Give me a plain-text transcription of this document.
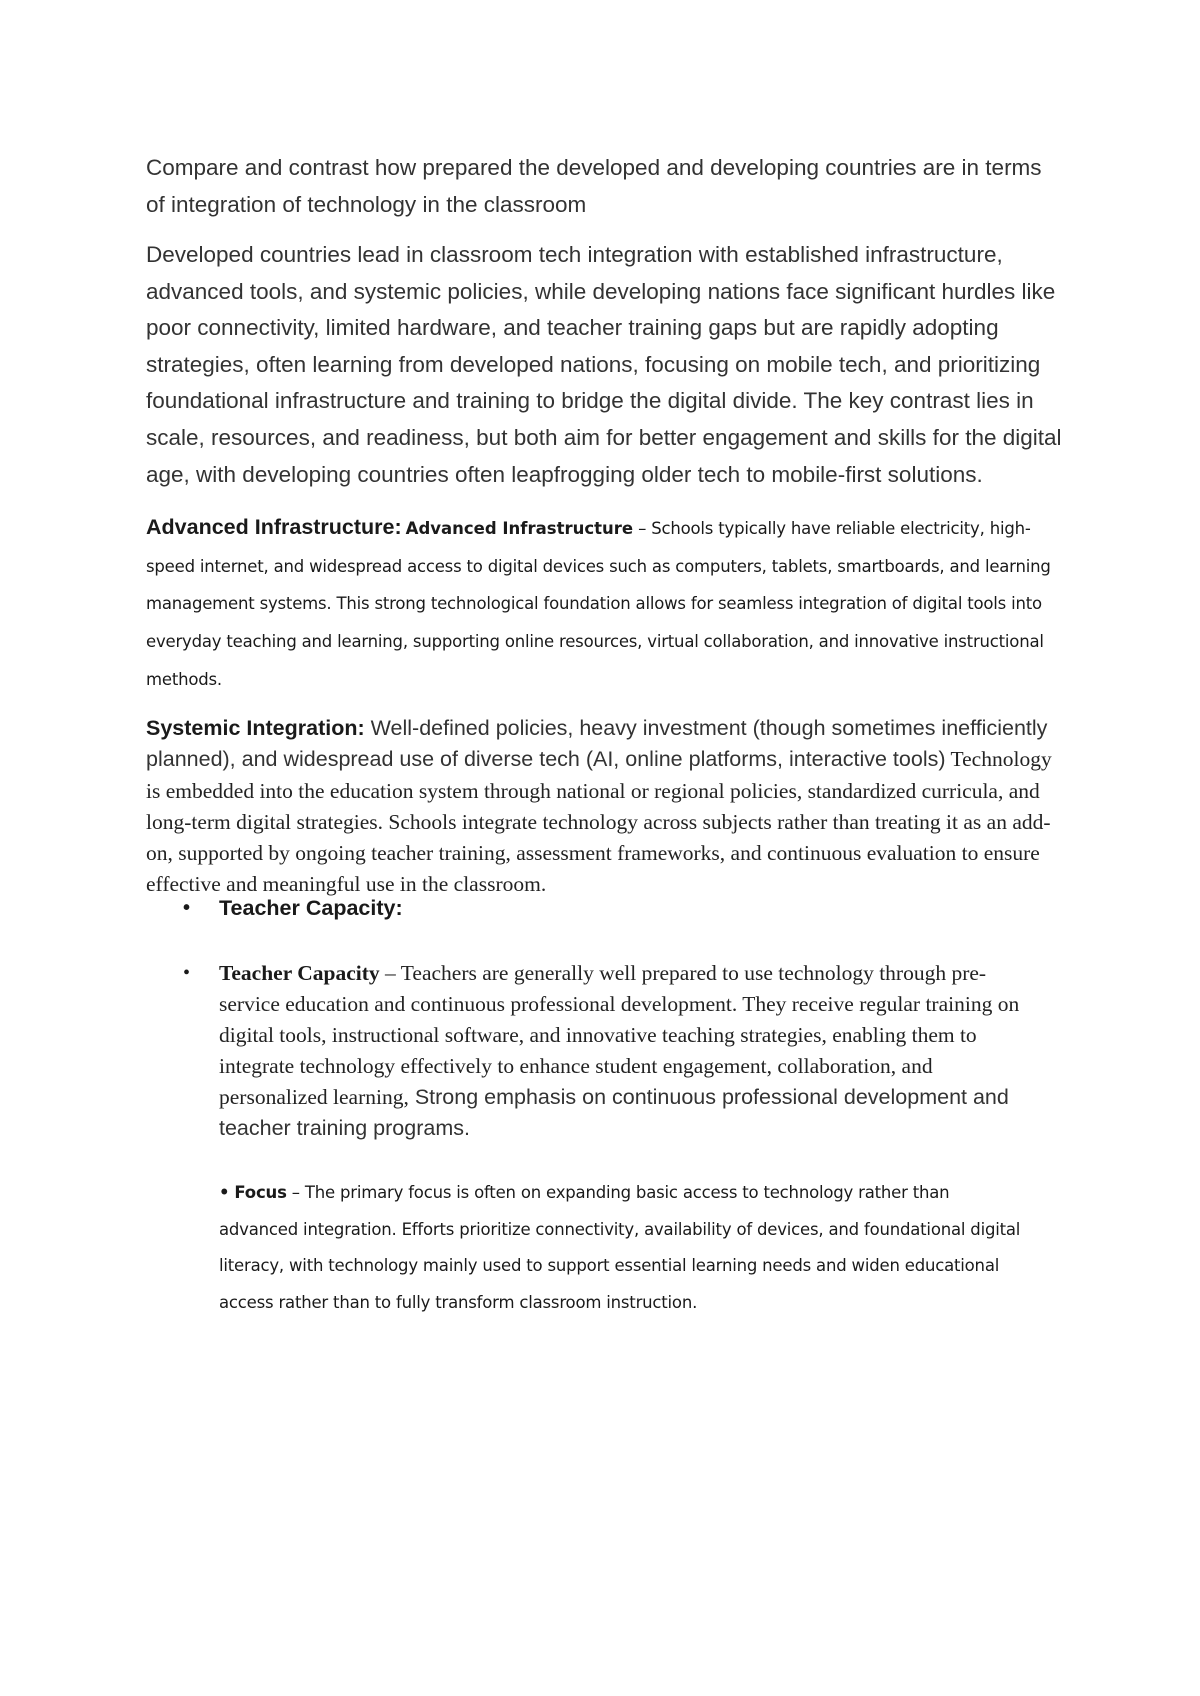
Compare and contrast how prepared the developed and developing countries are in terms of integration of technology in the classroom

Developed countries lead in classroom tech integration with established infrastructure, advanced tools, and systemic policies, while developing nations face significant hurdles like poor connectivity, limited hardware, and teacher training gaps but are rapidly adopting strategies, often learning from developed nations, focusing on mobile tech, and prioritizing foundational infrastructure and training to bridge the digital divide. The key contrast lies in scale, resources, and readiness, but both aim for better engagement and skills for the digital age, with developing countries often leapfrogging older tech to mobile-first solutions.

Advanced Infrastructure: Advanced Infrastructure – Schools typically have reliable electricity, high-speed internet, and widespread access to digital devices such as computers, tablets, smartboards, and learning management systems. This strong technological foundation allows for seamless integration of digital tools into everyday teaching and learning, supporting online resources, virtual collaboration, and innovative instructional methods.

Systemic Integration: Well-defined policies, heavy investment (though sometimes inefficiently planned), and widespread use of diverse tech (AI, online platforms, interactive tools) Technology is embedded into the education system through national or regional policies, standardized curricula, and long-term digital strategies. Schools integrate technology across subjects rather than treating it as an add-on, supported by ongoing teacher training, assessment frameworks, and continuous evaluation to ensure effective and meaningful use in the classroom.

• Teacher Capacity:
• Teacher Capacity – Teachers are generally well prepared to use technology through pre-service education and continuous professional development. They receive regular training on digital tools, instructional software, and innovative teaching strategies, enabling them to integrate technology effectively to enhance student engagement, collaboration, and personalized learning, Strong emphasis on continuous professional development and teacher training programs.

• Focus – The primary focus is often on expanding basic access to technology rather than advanced integration. Efforts prioritize connectivity, availability of devices, and foundational digital literacy, with technology mainly used to support essential learning needs and widen educational access rather than to fully transform classroom instruction.
